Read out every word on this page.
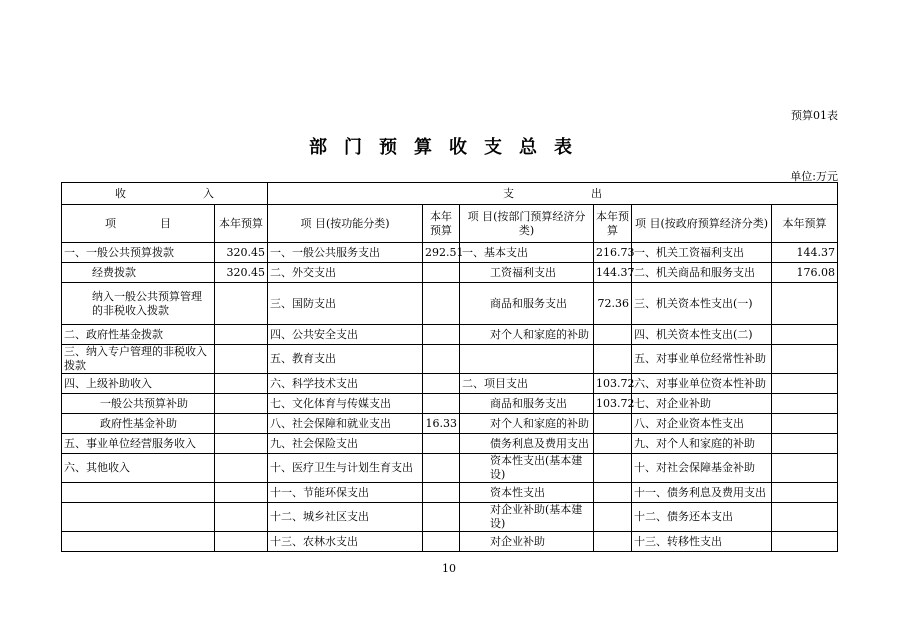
预算01表
部门预算收支总表
单位:万元
收　　　　　　　入		支　　　　　　　出					
项　　　　目	本年预算	项 目(按功能分类)	本年预算	项 目(按部门预算经济分类)	本年预算	项 目(按政府预算经济分类)	本年预算
一、一般公共预算拨款	320.45	一、一般公共服务支出	292.51	一、基本支出	216.73	一、机关工资福利支出	144.37
经费拨款	320.45	二、外交支出		工资福利支出	144.37	二、机关商品和服务支出	176.08
纳入一般公共预算管理的非税收入拨款		三、国防支出		商品和服务支出	72.36	三、机关资本性支出(一)	
二、政府性基金拨款		四、公共安全支出		对个人和家庭的补助		四、机关资本性支出(二)	
三、纳入专户管理的非税收入拨款		五、教育支出				五、对事业单位经常性补助	
四、上级补助收入		六、科学技术支出		二、项目支出	103.72	六、对事业单位资本性补助	
一般公共预算补助		七、文化体育与传媒支出		商品和服务支出	103.72	七、对企业补助	
政府性基金补助		八、社会保障和就业支出	16.33	对个人和家庭的补助		八、对企业资本性支出	
五、事业单位经营服务收入		九、社会保险支出		债务利息及费用支出		九、对个人和家庭的补助	
六、其他收入		十、医疗卫生与计划生育支出		资本性支出(基本建设)		十、对社会保障基金补助	
		十一、节能环保支出		资本性支出		十一、债务利息及费用支出	
		十二、城乡社区支出		对企业补助(基本建设)		十二、债务还本支出	
		十三、农林水支出		对企业补助		十三、转移性支出	
10
